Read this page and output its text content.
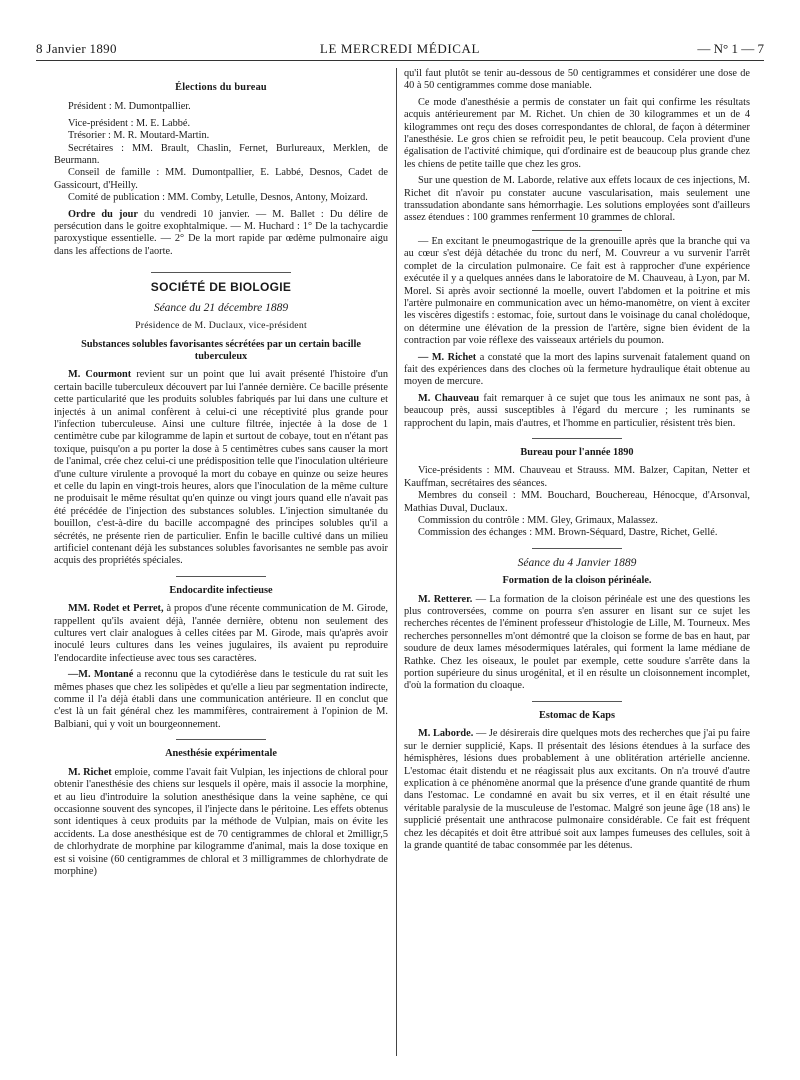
8 Janvier 1890	LE MERCREDI MÉDICAL	— N° 1 — 7
Élections du bureau

Président : M. Dumontpallier.

Vice-président : M. E. Labbé.

Trésorier : M. R. Moutard-Martin.

Secrétaires : MM. Brault, Chaslin, Fernet, Burlureaux, Merklen, de Beurmann.

Conseil de famille : MM. Dumontpallier, E. Labbé, Desnos, Cadet de Gassicourt, d'Heilly.

Comité de publication : MM. Comby, Letulle, Desnos, Antony, Moizard.

Ordre du jour du vendredi 10 janvier. — M. Ballet : Du délire de persécution dans le goitre exophtalmique. — M. Huchard : 1° De la tachycardie paroxystique essentielle. — 2° De la mort rapide par œdème pulmonaire aigu dans les affections de l'aorte.

SOCIÉTÉ DE BIOLOGIE
Séance du 21 décembre 1889
Présidence de M. Duclaux, vice-président
Substances solubles favorisantes sécrétées par un certain bacille tuberculeux

M. Courmont revient sur un point que lui avait présenté l'histoire d'un certain bacille tuberculeux découvert par lui l'année dernière. Ce bacille présente cette particularité que les produits solubles fabriqués par lui dans une culture et injectés à un animal confèrent à celui-ci une réceptivité plus grande pour l'infection tuberculeuse. Ainsi une culture filtrée, injectée à la dose de 1 centimètre cube par kilogramme de lapin et surtout de cobaye, tout en n'étant pas toxique, puisqu'on a pu porter la dose à 5 centimètres cubes sans causer la mort de l'animal, crée chez celui-ci une prédisposition telle que l'inoculation ultérieure d'une culture virulente a provoqué la mort du cobaye en quinze ou seize heures et celle du lapin en vingt-trois heures, alors que l'inoculation de la même culture ne produisait le même résultat qu'en quinze ou vingt jours quand elle n'avait pas été précédée de l'injection des substances solubles. L'injection simultanée du bouillon, c'est-à-dire du bacille accompagné des principes solubles qu'il a sécrétés, ne présente rien de particulier. Enfin le bacille cultivé dans un milieu artificiel contenant déjà les substances solubles favorisantes ne semble pas avoir acquis des propriétés spéciales.

Endocardite infectieuse

MM. Rodet et Perret, à propos d'une récente communication de M. Girode, rappellent qu'ils avaient déjà, l'année dernière, obtenu non seulement des cultures vert clair analogues à celles citées par M. Girode, mais qu'après avoir inoculé leurs cultures dans les veines jugulaires, ils avaient pu reproduire l'endocardite infectieuse avec tous ses caractères.

—M. Montané a reconnu que la cytodiérèse dans le testicule du rat suit les mêmes phases que chez les solipèdes et qu'elle a lieu par segmentation indirecte, comme il l'a déjà établi dans une communication antérieure. Il en conclut que c'est là un fait général chez les mammifères, contrairement à l'opinion de M. Balbiani, qui y voit un bourgeonnement.

Anesthésie expérimentale

M. Richet emploie, comme l'avait fait Vulpian, les injections de chloral pour obtenir l'anesthésie des chiens sur lesquels il opère, mais il associe la morphine, et au lieu d'introduire la solution anesthésique dans la veine saphène, ce qui occasionne souvent des syncopes, il l'injecte dans le péritoine. Les effets obtenus sont identiques à ceux produits par la méthode de Vulpian, mais on évite les accidents. La dose anesthésique est de 70 centigrammes de chloral et 2milligr,5 de chlorhydrate de morphine par kilogramme d'animal, mais la dose toxique en est si voisine (60 centigrammes de chloral et 3 milligrammes de chlorhydrate de morphine)

qu'il faut plutôt se tenir au-dessous de 50 centigrammes et considérer une dose de 40 à 50 centigrammes comme dose maniable.

Ce mode d'anesthésie a permis de constater un fait qui confirme les résultats acquis antérieurement par M. Richet. Un chien de 30 kilogrammes et un de 4 kilogrammes ont reçu des doses correspondantes de chloral, de façon à déterminer l'anesthésie. Le gros chien se refroidit peu, le petit beaucoup. Cela provient d'une égalisation de l'activité chimique, qui d'ordinaire est de beaucoup plus grande chez les chiens de petite taille que chez les gros.

Sur une question de M. Laborde, relative aux effets locaux de ces injections, M. Richet dit n'avoir pu constater aucune vascularisation, mais seulement une transsudation abondante sans hémorrhagie. Les solutions employées sont d'ailleurs assez étendues : 100 grammes renferment 10 grammes de chloral.

— En excitant le pneumogastrique de la grenouille après que la branche qui va au cœur s'est déjà détachée du tronc du nerf, M. Couvreur a vu survenir l'arrêt complet de la circulation pulmonaire. Ce fait est à rapprocher d'une expérience exécutée il y a quelques années dans le laboratoire de M. Chauveau, à Lyon, par M. Morel. Si après avoir sectionné la moelle, ouvert l'abdomen et la poitrine et mis l'artère pulmonaire en communication avec un hémo-manomètre, on vient à exciter les viscères digestifs : estomac, foie, surtout dans le voisinage du canal cholédoque, on détermine une élévation de la pression de l'artère, signe bien évident de la contraction par voie réflexe des vaisseaux artériels du poumon.

— M. Richet a constaté que la mort des lapins survenait fatalement quand on fait des expériences dans des cloches où la fermeture hydraulique était obtenue au moyen de mercure.

M. Chauveau fait remarquer à ce sujet que tous les animaux ne sont pas, à beaucoup près, aussi susceptibles à l'égard du mercure ; les ruminants se rapprochent du lapin, mais d'autres, et l'homme en particulier, résistent très bien.

Bureau pour l'année 1890

Vice-présidents : MM. Chauveau et Strauss. MM. Balzer, Capitan, Netter et Kauffman, secrétaires des séances.

Membres du conseil : MM. Bouchard, Bouchereau, Hénocque, d'Arsonval, Mathias Duval, Duclaux.

Commission du contrôle : MM. Gley, Grimaux, Malassez.

Commission des échanges : MM. Brown-Séquard, Dastre, Richet, Gellé.

Séance du 4 Janvier 1889
Formation de la cloison périnéale.

M. Retterer. — La formation de la cloison périnéale est une des questions les plus controversées, comme on pourra s'en assurer en lisant sur ce sujet les recherches récentes de l'éminent professeur d'histologie de Lille, M. Tourneux. Mes recherches personnelles m'ont démontré que la cloison se forme de bas en haut, par soudure de deux lames mésodermiques latérales, qui forment la lame médiane de Rathke. Chez les oiseaux, le poulet par exemple, cette soudure s'arrête dans la portion supérieure du sinus urogénital, et il en résulte un cloisonnement incomplet, d'où la formation du cloaque.

Estomac de Kaps

M. Laborde. — Je désirerais dire quelques mots des recherches que j'ai pu faire sur le dernier supplicié, Kaps. Il présentait des lésions étendues à la surface des hémisphères, lésions dues probablement à une oblitération artérielle ancienne. L'estomac était distendu et ne réagissait plus aux excitants. On n'a trouvé d'autre explication à ce phénomène anormal que la présence d'une grande quantité de rhum dans l'estomac. Le condamné en avait bu six verres, et il en était résulté une véritable paralysie de la musculeuse de l'estomac. Malgré son jeune âge (18 ans) le supplicié présentait une anthracose pulmonaire considérable. Ce fait est fréquent chez les décapités et doit être attribué soit aux lampes fumeuses des cellules, soit à la grande quantité de tabac consommée par les détenus.
